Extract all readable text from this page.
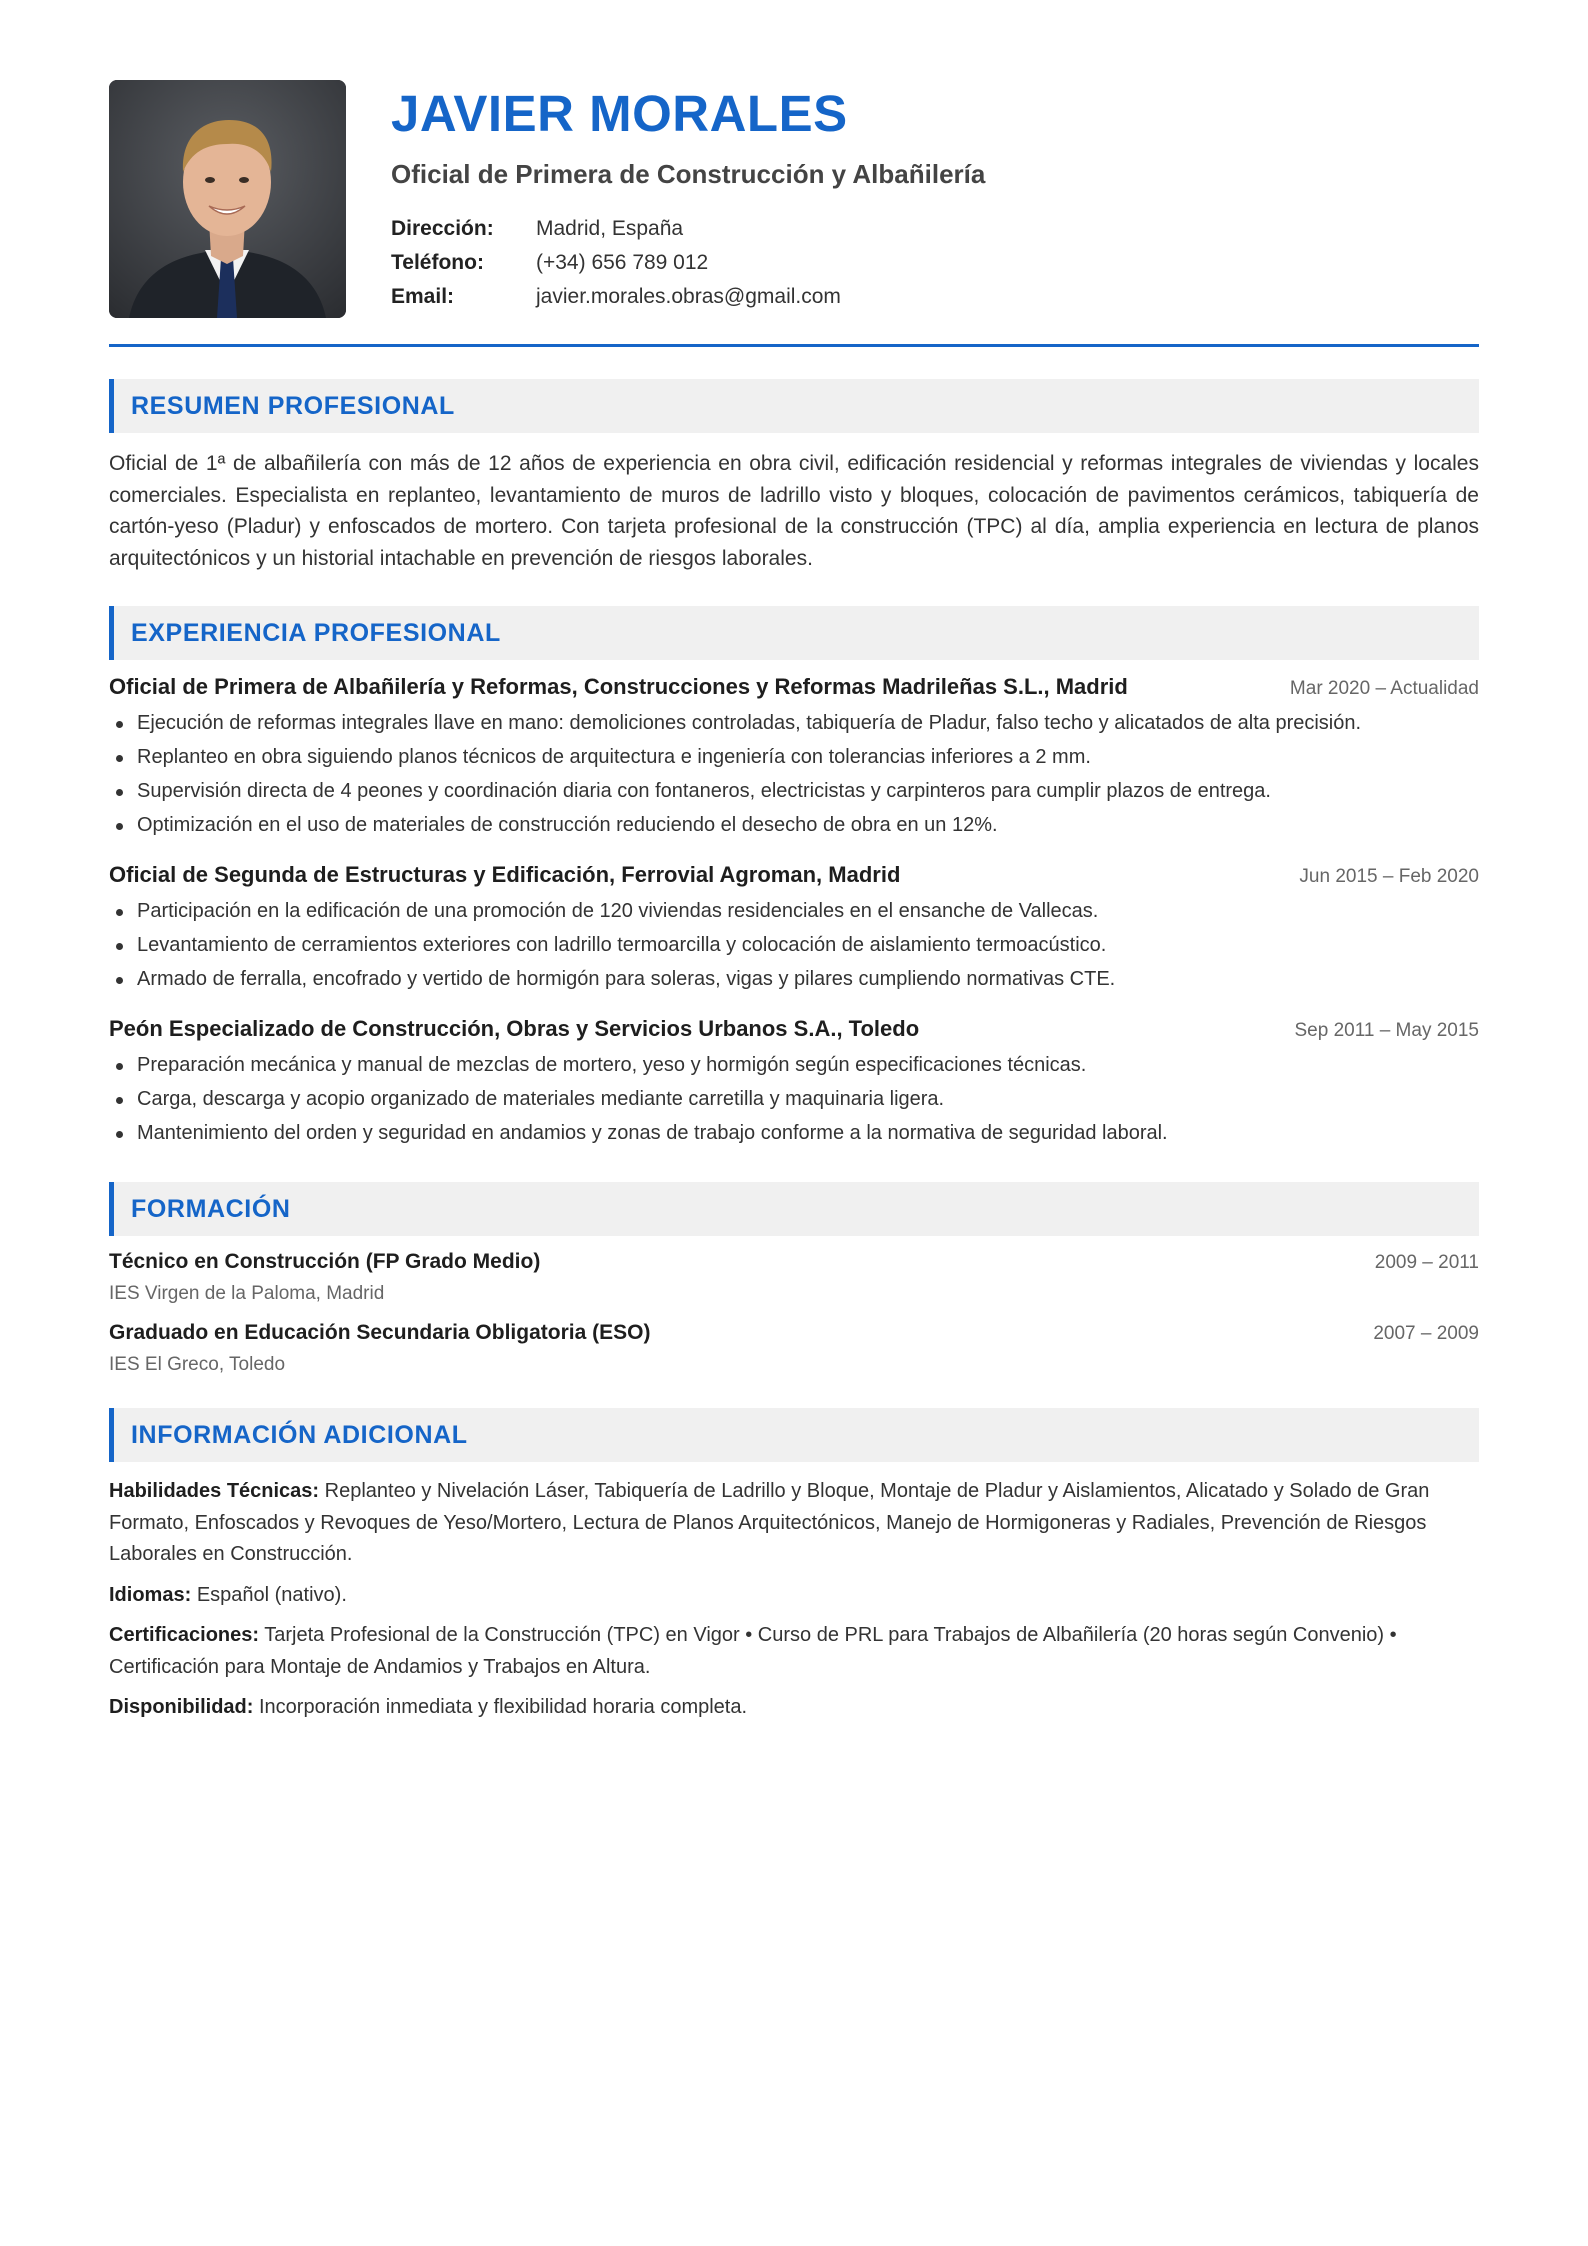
JAVIER MORALES
Oficial de Primera de Construcción y Albañilería
Dirección:	Madrid, España
Teléfono:	(+34) 656 789 012
Email:	javier.morales.obras@gmail.com
RESUMEN PROFESIONAL

Oficial de 1ª de albañilería con más de 12 años de experiencia en obra civil, edificación residencial y reformas integrales de viviendas y locales comerciales. Especialista en replanteo, levantamiento de muros de ladrillo visto y bloques, colocación de pavimentos cerámicos, tabiquería de cartón-yeso (Pladur) y enfoscados de mortero. Con tarjeta profesional de la construcción (TPC) al día, amplia experiencia en lectura de planos arquitectónicos y un historial intachable en prevención de riesgos laborales.

EXPERIENCIA PROFESIONAL
Oficial de Primera de Albañilería y Reformas, Construcciones y Reformas Madrileñas S.L., Madrid	Mar 2020 – Actualidad
Ejecución de reformas integrales llave en mano: demoliciones controladas, tabiquería de Pladur, falso techo y alicatados de alta precisión.
Replanteo en obra siguiendo planos técnicos de arquitectura e ingeniería con tolerancias inferiores a 2 mm.
Supervisión directa de 4 peones y coordinación diaria con fontaneros, electricistas y carpinteros para cumplir plazos de entrega.
Optimización en el uso de materiales de construcción reduciendo el desecho de obra en un 12%.
Oficial de Segunda de Estructuras y Edificación, Ferrovial Agroman, Madrid	Jun 2015 – Feb 2020
Participación en la edificación de una promoción de 120 viviendas residenciales en el ensanche de Vallecas.
Levantamiento de cerramientos exteriores con ladrillo termoarcilla y colocación de aislamiento termoacústico.
Armado de ferralla, encofrado y vertido de hormigón para soleras, vigas y pilares cumpliendo normativas CTE.
Peón Especializado de Construcción, Obras y Servicios Urbanos S.A., Toledo	Sep 2011 – May 2015
Preparación mecánica y manual de mezclas de mortero, yeso y hormigón según especificaciones técnicas.
Carga, descarga y acopio organizado de materiales mediante carretilla y maquinaria ligera.
Mantenimiento del orden y seguridad en andamios y zonas de trabajo conforme a la normativa de seguridad laboral.
FORMACIÓN
Técnico en Construcción (FP Grado Medio)	2009 – 2011
IES Virgen de la Paloma, Madrid
Graduado en Educación Secundaria Obligatoria (ESO)	2007 – 2009
IES El Greco, Toledo
INFORMACIÓN ADICIONAL

Habilidades Técnicas: Replanteo y Nivelación Láser, Tabiquería de Ladrillo y Bloque, Montaje de Pladur y Aislamientos, Alicatado y Solado de Gran Formato, Enfoscados y Revoques de Yeso/Mortero, Lectura de Planos Arquitectónicos, Manejo de Hormigoneras y Radiales, Prevención de Riesgos Laborales en Construcción.

Idiomas: Español (nativo).

Certificaciones: Tarjeta Profesional de la Construcción (TPC) en Vigor • Curso de PRL para Trabajos de Albañilería (20 horas según Convenio) • Certificación para Montaje de Andamios y Trabajos en Altura.

Disponibilidad: Incorporación inmediata y flexibilidad horaria completa.
